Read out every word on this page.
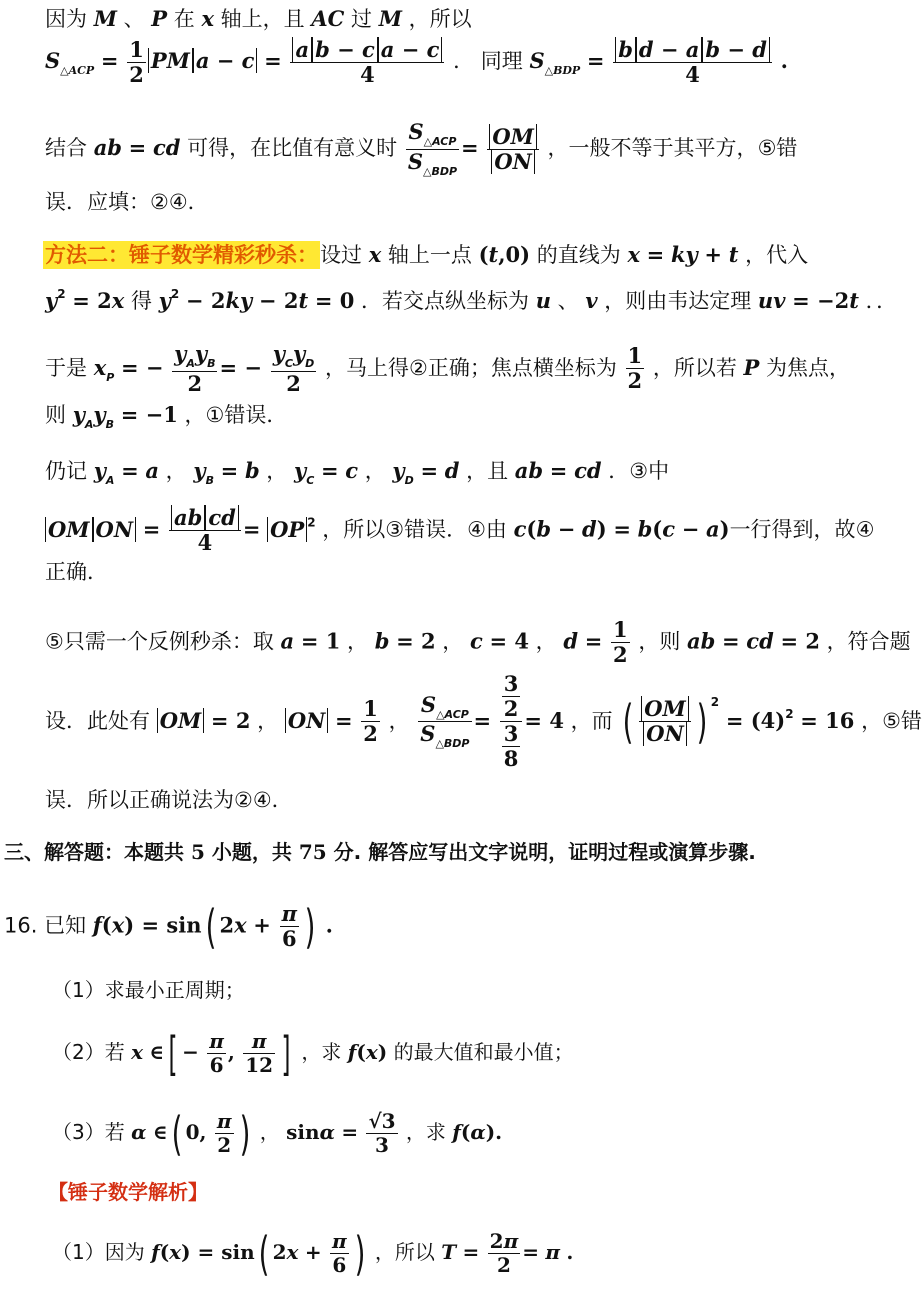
因为 M 、 P 在 x 轴上，且 AC 过 M ，所以
$S_{\triangle ACP} = \frac{1}{2}$ PM $a - c = \frac{\text{a b − c a − c}}{4}$ ． 同理 $S_{\triangle BDP} = \frac{\text{b d − a b − d}}{4}$ .
结合 ab = cd 可得，在比值有意义时 $\frac{S_{\triangle ACP}}{S_{\triangle BDP}} = \frac{OM}{ON}$ ，一般不等于其平方，⑤错
误．应填：②④．
方法二：锤子数学精彩秒杀：设过 x 轴上一点 (t,0) 的直线为 x = ky + t ，代入
$y^2 = 2x$ 得 $y^2 - 2ky - 2t = 0$ ．若交点纵坐标为 u 、 v ，则由韦达定理 uv = −2t ．．
于是 $x_P$ = − $\frac{y_Ay_B}{2}$ = − $\frac{y_Cy_D}{2}$ ，马上得②正确；焦点横坐标为 $\frac{1}{2}$ ，所以若 P 为焦点，
则 $y_Ay_B = -1$ ，①错误．
仍记 $y_A = a$ ， $y_B = b$ ， $y_C = c$ ， $y_D = d$ ，且 ab = cd ．③中
OM ON = $\frac{\text{ab cd}}{4}$ = OP $^2$ ，所以③错误．④由 c(b − d) = b(c − a)一行得到，故④
正确．
⑤只需一个反例秒杀：取 a = 1 ， b = 2 ， c = 4 ， $d = \frac{1}{2}$ ，则 ab = cd = 2 ，符合题
设．此处有 OM = 2 ， ON = $\frac{1}{2}$ ， $\frac{S_{\triangle ACP}}{S_{\triangle BDP}} = \frac{\frac{3}{2}}{\frac{3}{8}} = 4$ ，而 ( $\frac{OM}{ON}$ ) $^2 = (4)^2 = 16$ ，⑤错
误．所以正确说法为②④．
三、解答题：本题共 5 小题，共 75 分. 解答应写出文字说明，证明过程或演算步骤.
16. 已知 f(x) = sin( $2x + \frac{\pi}{6}$ ) .
（1）求最小正周期；
（2）若 x ∈[ − $\frac{\pi}{6}$ , $\frac{\pi}{12}$ ] ，求 f(x) 的最大值和最小值；
（3）若 α ∈( 0, $\frac{\pi}{2}$ ) ， $\sin\alpha = \frac{√3}{3}$ ，求 f(α).
【锤子数学解析】
（1）因为 f(x) = sin( $2x + \frac{\pi}{6}$ ) ，所以 $T = \frac{2\pi}{2} = \pi$ .
